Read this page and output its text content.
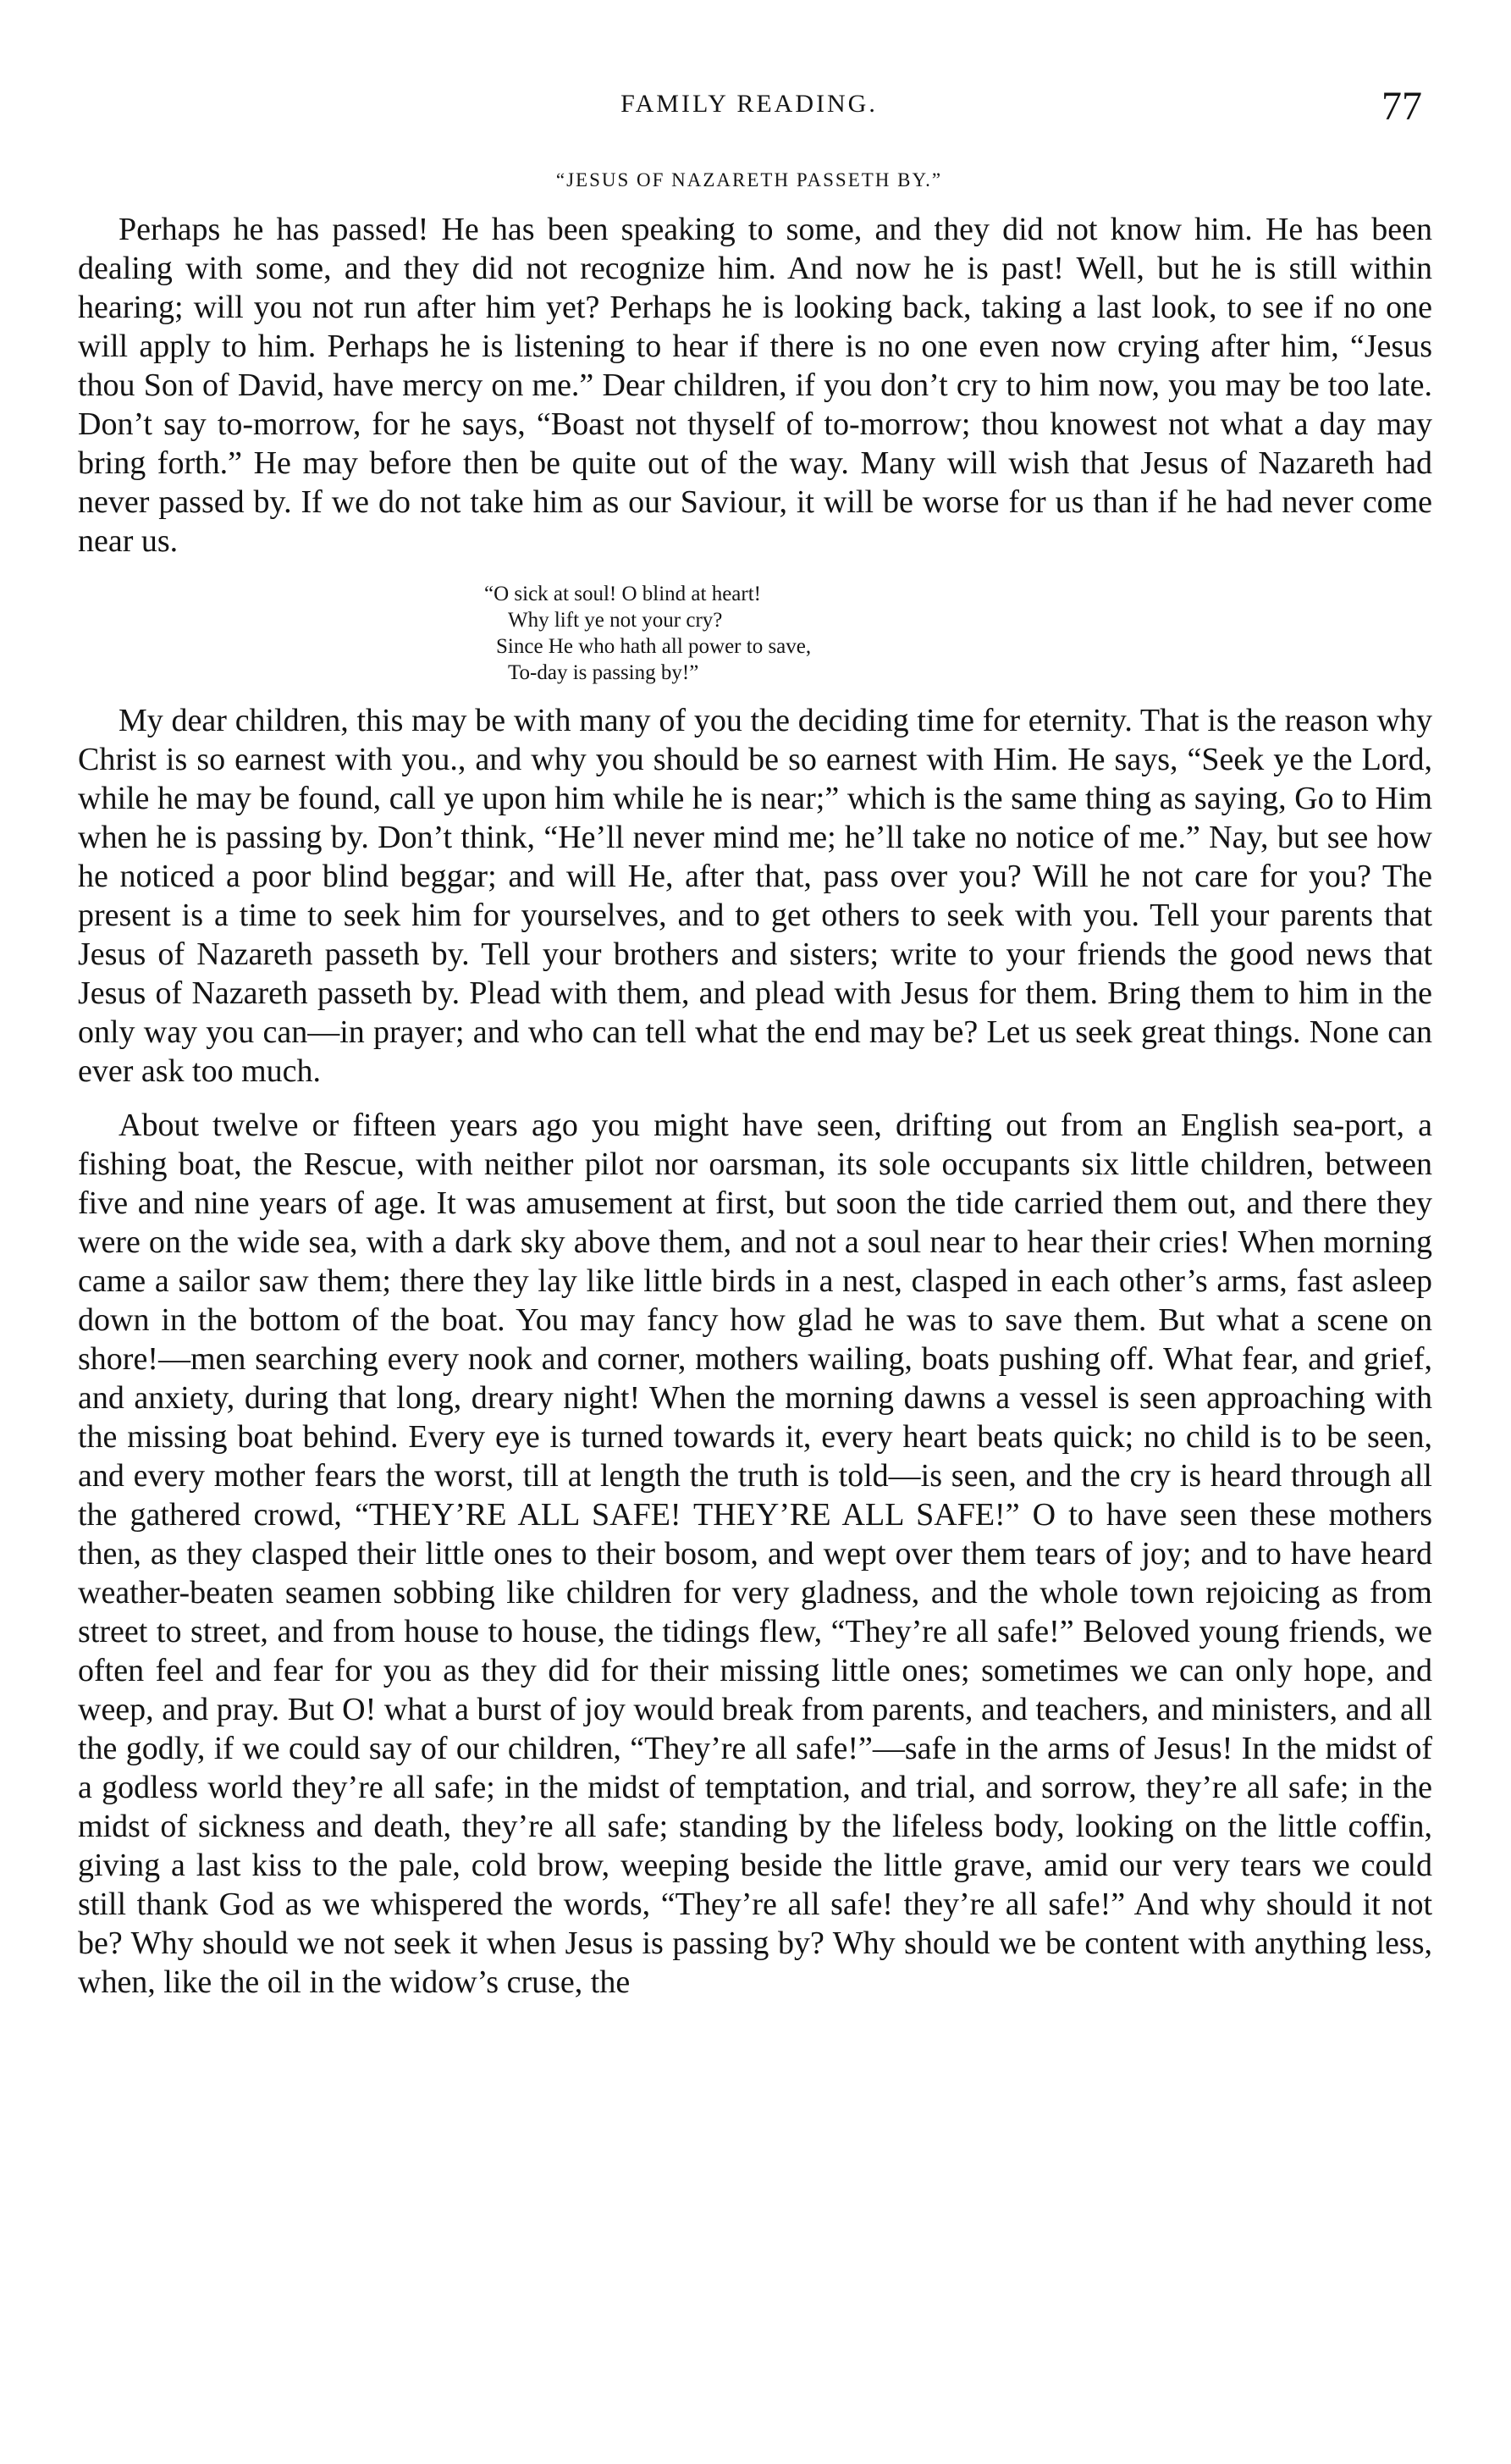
FAMILY READING.	77
“JESUS OF NAZARETH PASSETH BY.”

Perhaps he has passed! He has been speaking to some, and they did not know him. He has been dealing with some, and they did not recognize him. And now he is past! Well, but he is still within hearing; will you not run after him yet? Perhaps he is looking back, taking a last look, to see if no one will apply to him. Perhaps he is listening to hear if there is no one even now crying after him, “Jesus thou Son of David, have mercy on me.” Dear children, if you don’t cry to him now, you may be too late. Don’t say to-morrow, for he says, “Boast not thyself of to-morrow; thou knowest not what a day may bring forth.” He may before then be quite out of the way. Many will wish that Jesus of Nazareth had never passed by. If we do not take him as our Saviour, it will be worse for us than if he had never come near us.

“O sick at soul! O blind at heart!
Why lift ye not your cry?
Since He who hath all power to save,
To-day is passing by!”

My dear children, this may be with many of you the deciding time for eternity. That is the reason why Christ is so earnest with you., and why you should be so earnest with Him. He says, “Seek ye the Lord, while he may be found, call ye upon him while he is near;” which is the same thing as saying, Go to Him when he is passing by. Don’t think, “He’ll never mind me; he’ll take no notice of me.” Nay, but see how he noticed a poor blind beggar; and will He, after that, pass over you? Will he not care for you? The present is a time to seek him for yourselves, and to get others to seek with you. Tell your parents that Jesus of Nazareth passeth by. Tell your brothers and sisters; write to your friends the good news that Jesus of Nazareth passeth by. Plead with them, and plead with Jesus for them. Bring them to him in the only way you can—in prayer; and who can tell what the end may be? Let us seek great things. None can ever ask too much.

About twelve or fifteen years ago you might have seen, drifting out from an English sea-port, a fishing boat, the Rescue, with neither pilot nor oarsman, its sole occupants six little children, between five and nine years of age. It was amusement at first, but soon the tide carried them out, and there they were on the wide sea, with a dark sky above them, and not a soul near to hear their cries! When morning came a sailor saw them; there they lay like little birds in a nest, clasped in each other’s arms, fast asleep down in the bottom of the boat. You may fancy how glad he was to save them. But what a scene on shore!—men searching every nook and corner, mothers wailing, boats pushing off. What fear, and grief, and anxiety, during that long, dreary night! When the morning dawns a vessel is seen approaching with the missing boat behind. Every eye is turned towards it, every heart beats quick; no child is to be seen, and every mother fears the worst, till at length the truth is told—is seen, and the cry is heard through all the gathered crowd, “THEY’RE ALL SAFE! THEY’RE ALL SAFE!” O to have seen these mothers then, as they clasped their little ones to their bosom, and wept over them tears of joy; and to have heard weather-beaten seamen sobbing like children for very gladness, and the whole town rejoicing as from street to street, and from house to house, the tidings flew, “They’re all safe!” Beloved young friends, we often feel and fear for you as they did for their missing little ones; sometimes we can only hope, and weep, and pray. But O! what a burst of joy would break from parents, and teachers, and ministers, and all the godly, if we could say of our children, “They’re all safe!”—safe in the arms of Jesus! In the midst of a godless world they’re all safe; in the midst of temptation, and trial, and sorrow, they’re all safe; in the midst of sickness and death, they’re all safe; standing by the lifeless body, looking on the little coffin, giving a last kiss to the pale, cold brow, weeping beside the little grave, amid our very tears we could still thank God as we whispered the words, “They’re all safe! they’re all safe!” And why should it not be? Why should we not seek it when Jesus is passing by? Why should we be content with anything less, when, like the oil in the widow’s cruse, the
